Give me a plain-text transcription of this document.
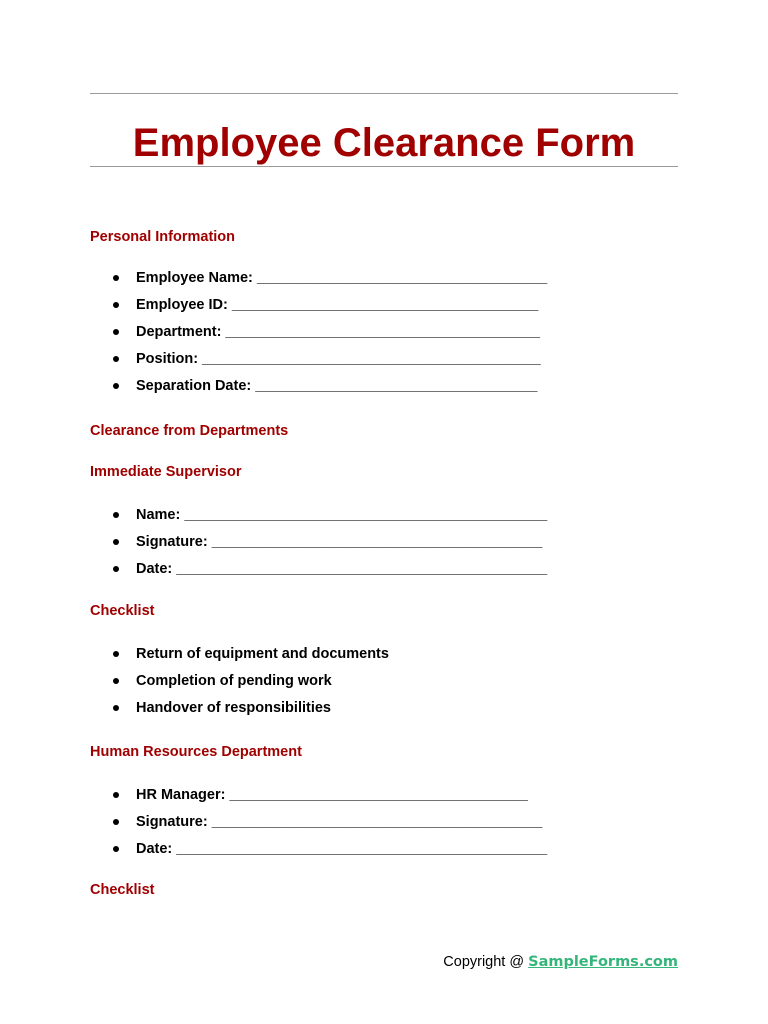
Employee Clearance Form
Personal Information
Employee Name: ____________________________________
Employee ID: ______________________________________
Department: _______________________________________
Position: __________________________________________
Separation Date: ___________________________________
Clearance from Departments
Immediate Supervisor
Name: _____________________________________________
Signature: _________________________________________
Date: ______________________________________________
Checklist
Return of equipment and documents
Completion of pending work
Handover of responsibilities
Human Resources Department
HR Manager: _____________________________________
Signature: _________________________________________
Date: ______________________________________________
Checklist
Copyright @ SampleForms.com
